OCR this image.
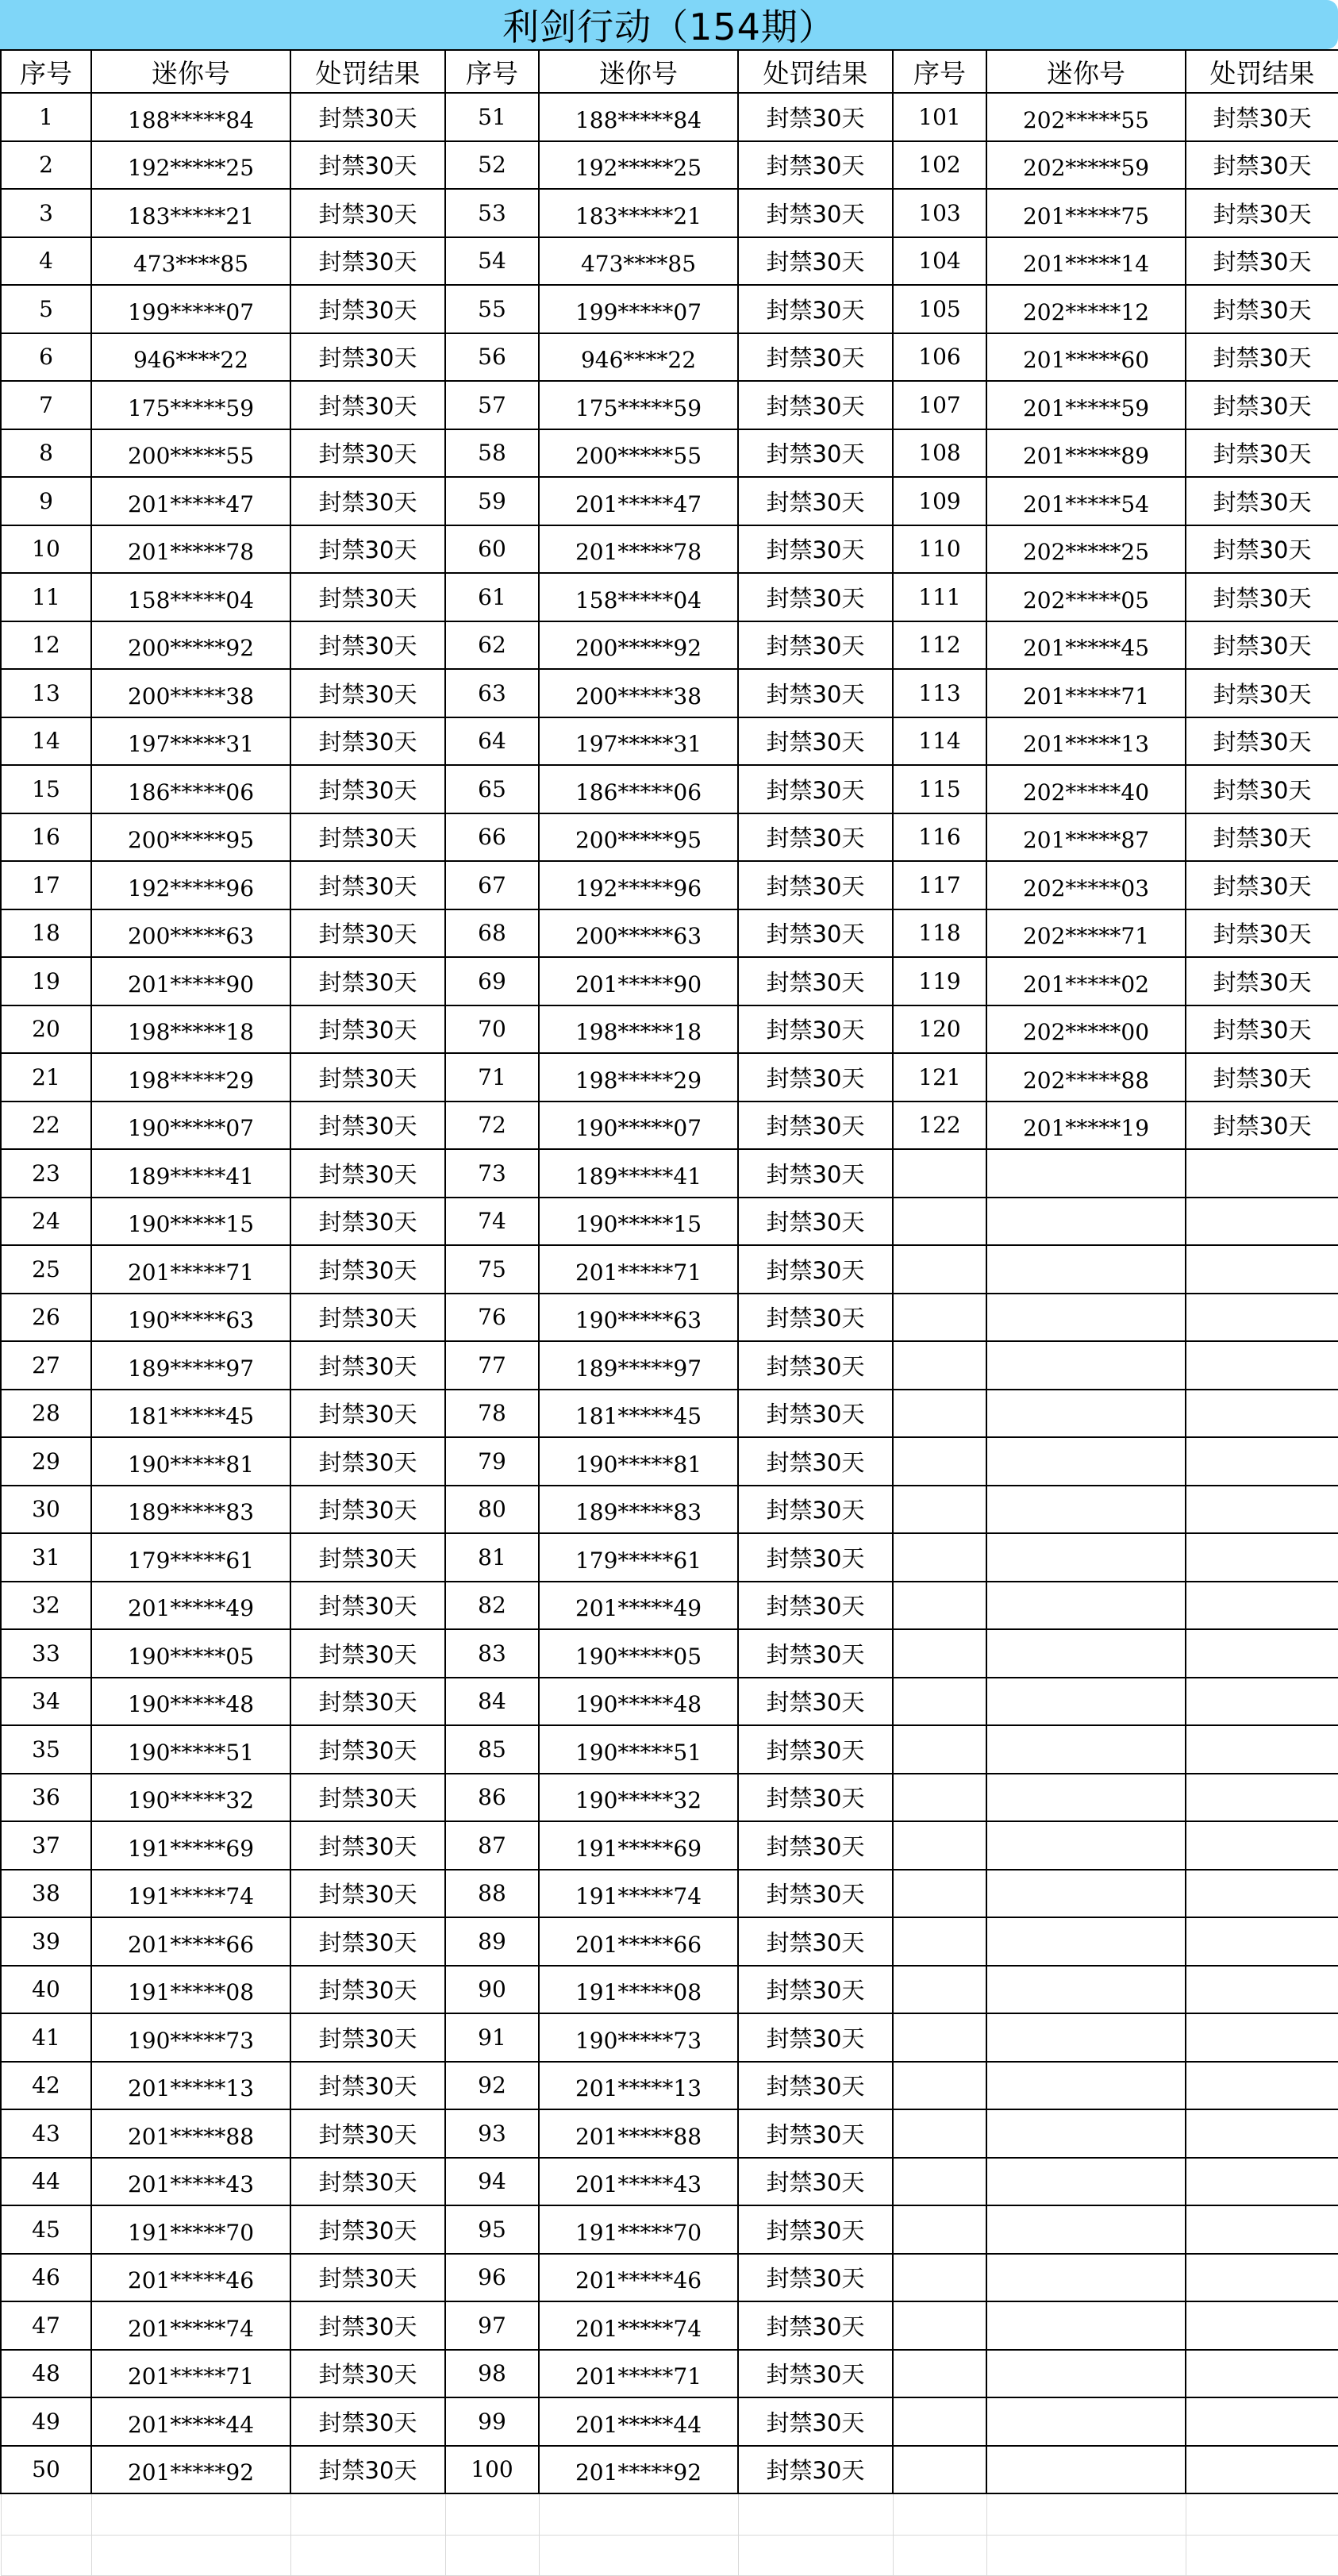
利剑行动（154期）
序号	迷你号	处罚结果	序号	迷你号	处罚结果	序号	迷你号	处罚结果
1	188*****84	封禁30天	51	188*****84	封禁30天	101	202*****55	封禁30天
2	192*****25	封禁30天	52	192*****25	封禁30天	102	202*****59	封禁30天
3	183*****21	封禁30天	53	183*****21	封禁30天	103	201*****75	封禁30天
4	473****85	封禁30天	54	473****85	封禁30天	104	201*****14	封禁30天
5	199*****07	封禁30天	55	199*****07	封禁30天	105	202*****12	封禁30天
6	946****22	封禁30天	56	946****22	封禁30天	106	201*****60	封禁30天
7	175*****59	封禁30天	57	175*****59	封禁30天	107	201*****59	封禁30天
8	200*****55	封禁30天	58	200*****55	封禁30天	108	201*****89	封禁30天
9	201*****47	封禁30天	59	201*****47	封禁30天	109	201*****54	封禁30天
10	201*****78	封禁30天	60	201*****78	封禁30天	110	202*****25	封禁30天
11	158*****04	封禁30天	61	158*****04	封禁30天	111	202*****05	封禁30天
12	200*****92	封禁30天	62	200*****92	封禁30天	112	201*****45	封禁30天
13	200*****38	封禁30天	63	200*****38	封禁30天	113	201*****71	封禁30天
14	197*****31	封禁30天	64	197*****31	封禁30天	114	201*****13	封禁30天
15	186*****06	封禁30天	65	186*****06	封禁30天	115	202*****40	封禁30天
16	200*****95	封禁30天	66	200*****95	封禁30天	116	201*****87	封禁30天
17	192*****96	封禁30天	67	192*****96	封禁30天	117	202*****03	封禁30天
18	200*****63	封禁30天	68	200*****63	封禁30天	118	202*****71	封禁30天
19	201*****90	封禁30天	69	201*****90	封禁30天	119	201*****02	封禁30天
20	198*****18	封禁30天	70	198*****18	封禁30天	120	202*****00	封禁30天
21	198*****29	封禁30天	71	198*****29	封禁30天	121	202*****88	封禁30天
22	190*****07	封禁30天	72	190*****07	封禁30天	122	201*****19	封禁30天
23	189*****41	封禁30天	73	189*****41	封禁30天			
24	190*****15	封禁30天	74	190*****15	封禁30天			
25	201*****71	封禁30天	75	201*****71	封禁30天			
26	190*****63	封禁30天	76	190*****63	封禁30天			
27	189*****97	封禁30天	77	189*****97	封禁30天			
28	181*****45	封禁30天	78	181*****45	封禁30天			
29	190*****81	封禁30天	79	190*****81	封禁30天			
30	189*****83	封禁30天	80	189*****83	封禁30天			
31	179*****61	封禁30天	81	179*****61	封禁30天			
32	201*****49	封禁30天	82	201*****49	封禁30天			
33	190*****05	封禁30天	83	190*****05	封禁30天			
34	190*****48	封禁30天	84	190*****48	封禁30天			
35	190*****51	封禁30天	85	190*****51	封禁30天			
36	190*****32	封禁30天	86	190*****32	封禁30天			
37	191*****69	封禁30天	87	191*****69	封禁30天			
38	191*****74	封禁30天	88	191*****74	封禁30天			
39	201*****66	封禁30天	89	201*****66	封禁30天			
40	191*****08	封禁30天	90	191*****08	封禁30天			
41	190*****73	封禁30天	91	190*****73	封禁30天			
42	201*****13	封禁30天	92	201*****13	封禁30天			
43	201*****88	封禁30天	93	201*****88	封禁30天			
44	201*****43	封禁30天	94	201*****43	封禁30天			
45	191*****70	封禁30天	95	191*****70	封禁30天			
46	201*****46	封禁30天	96	201*****46	封禁30天			
47	201*****74	封禁30天	97	201*****74	封禁30天			
48	201*****71	封禁30天	98	201*****71	封禁30天			
49	201*****44	封禁30天	99	201*****44	封禁30天			
50	201*****92	封禁30天	100	201*****92	封禁30天			
